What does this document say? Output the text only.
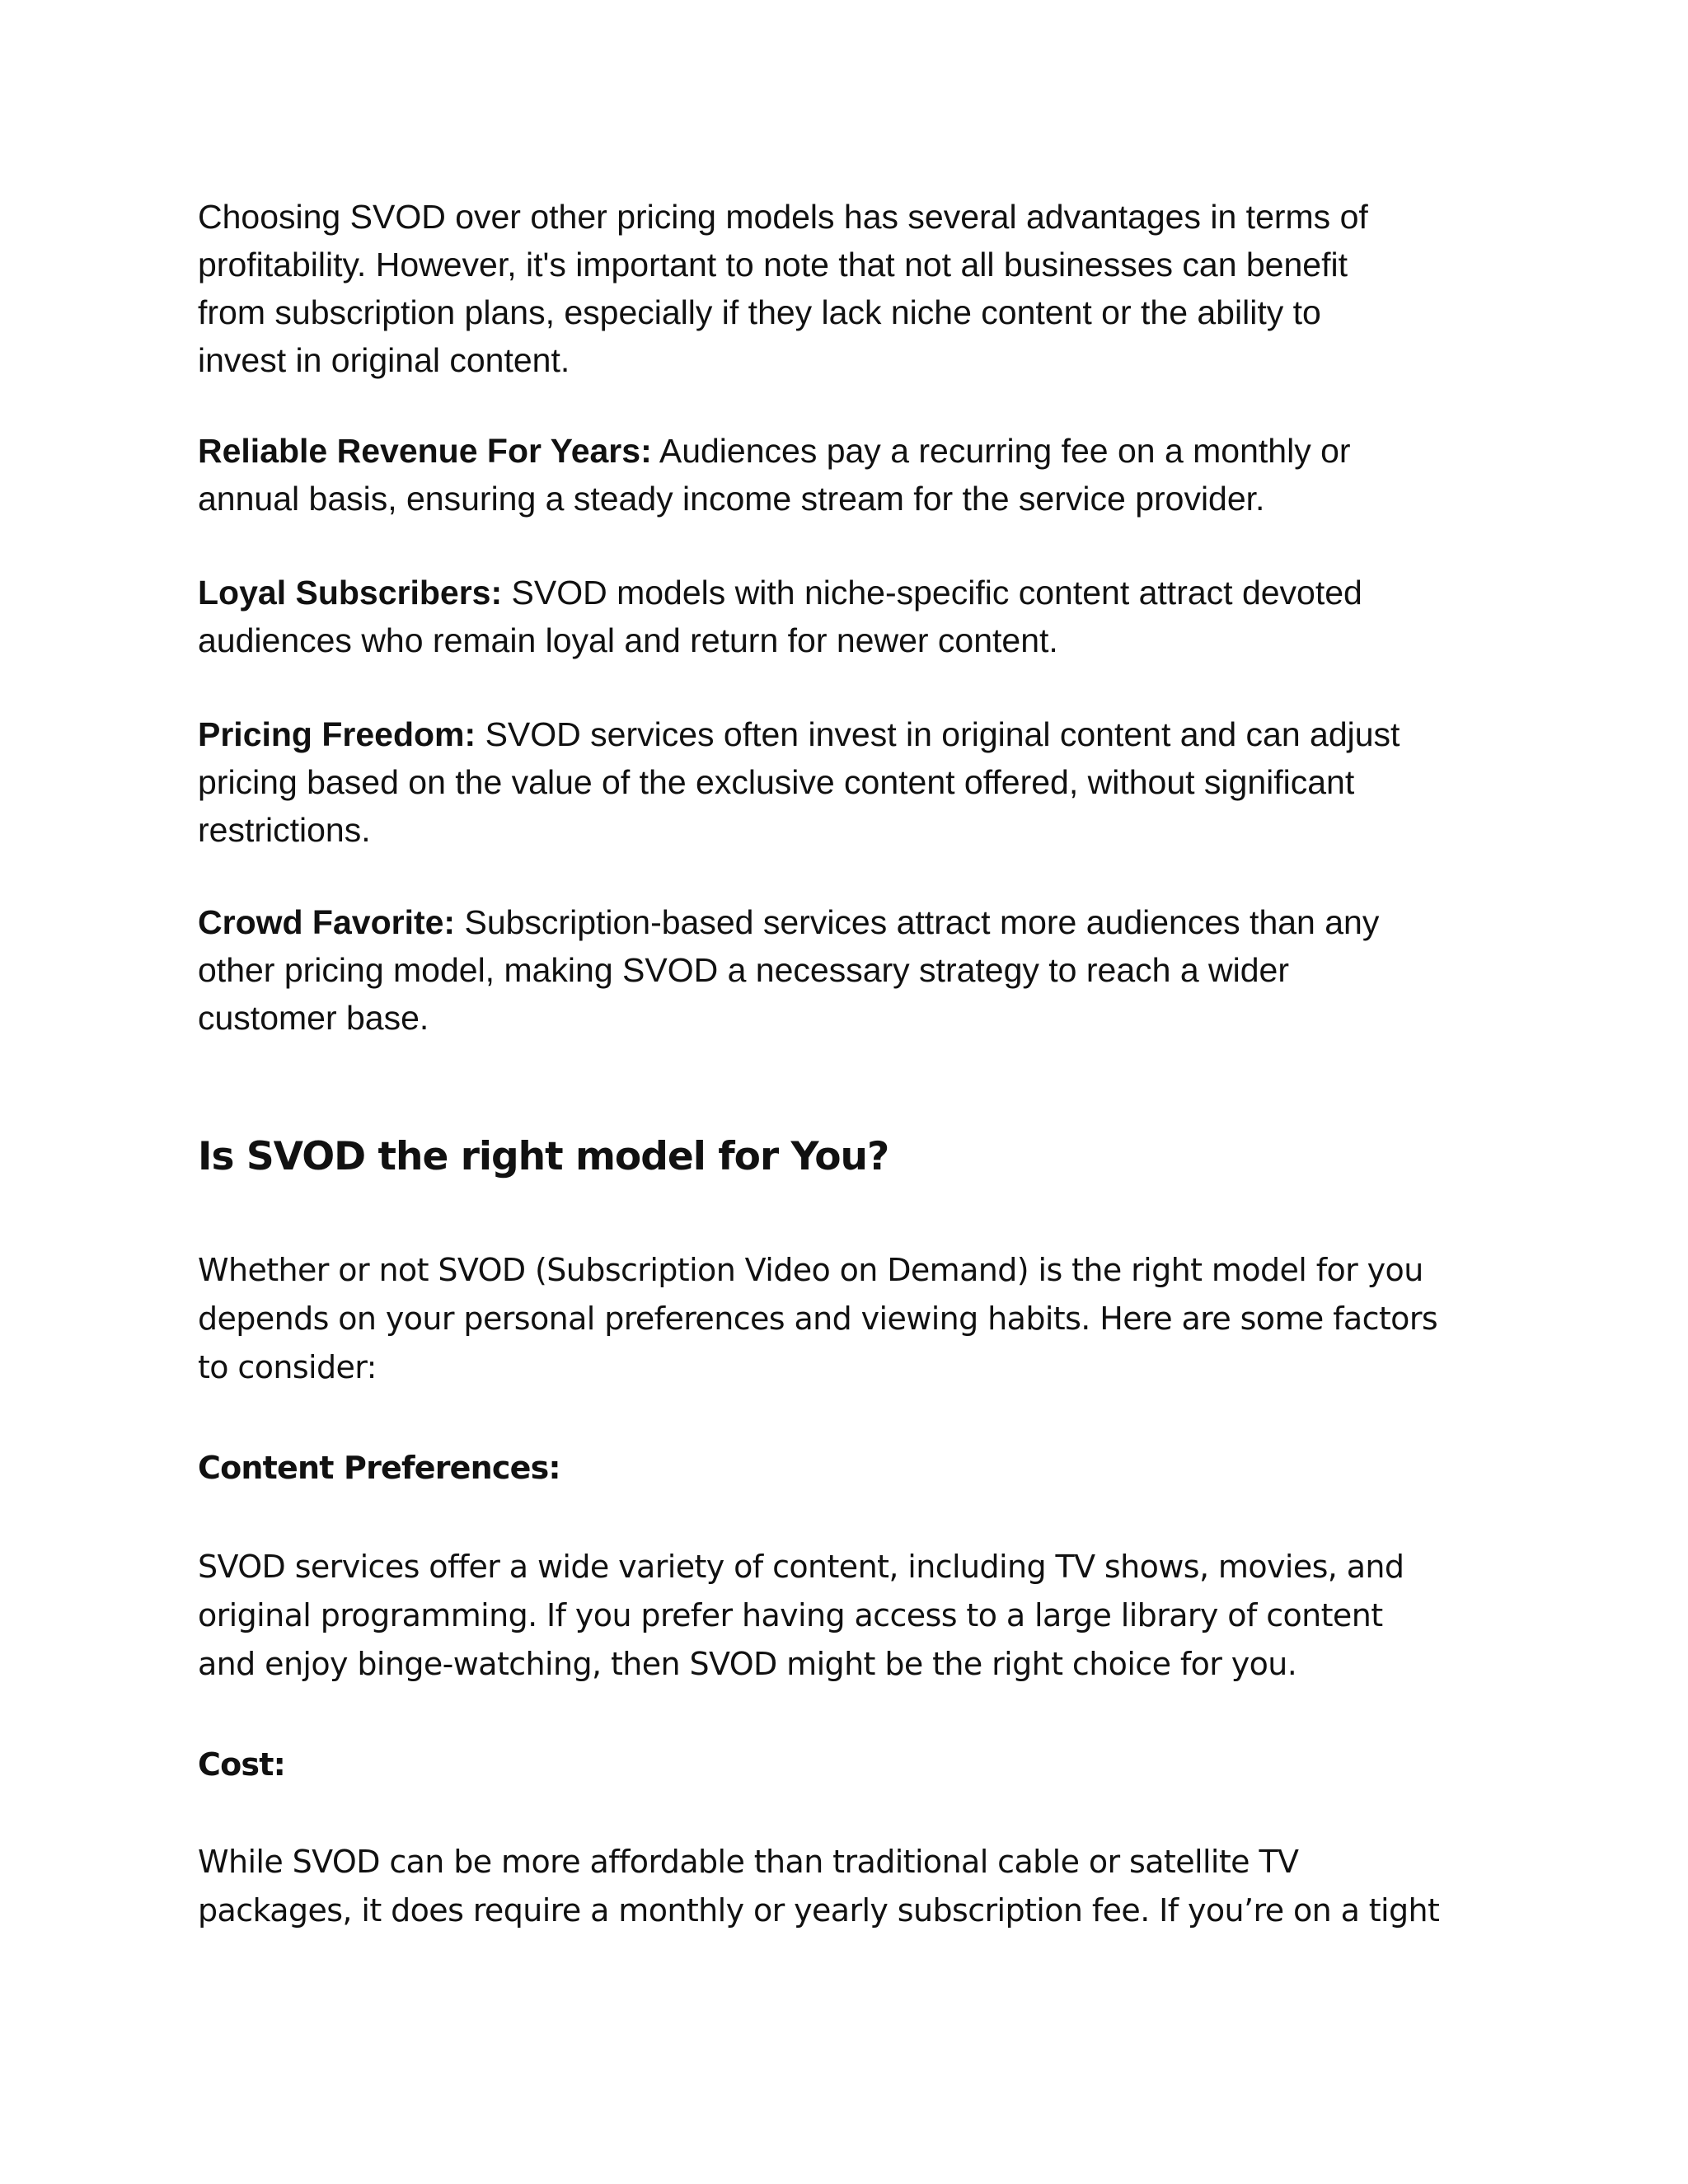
Choosing SVOD over other pricing models has several advantages in terms of
profitability. However, it's important to note that not all businesses can benefit
from subscription plans, especially if they lack niche content or the ability to
invest in original content.

Reliable Revenue For Years: Audiences pay a recurring fee on a monthly or
annual basis, ensuring a steady income stream for the service provider.

Loyal Subscribers: SVOD models with niche-specific content attract devoted
audiences who remain loyal and return for newer content.

Pricing Freedom: SVOD services often invest in original content and can adjust
pricing based on the value of the exclusive content offered, without significant
restrictions.

Crowd Favorite: Subscription-based services attract more audiences than any
other pricing model, making SVOD a necessary strategy to reach a wider
customer base.

Is SVOD the right model for You?

Whether or not SVOD (Subscription Video on Demand) is the right model for you
depends on your personal preferences and viewing habits. Here are some factors
to consider:

Content Preferences:

SVOD services offer a wide variety of content, including TV shows, movies, and
original programming. If you prefer having access to a large library of content
and enjoy binge-watching, then SVOD might be the right choice for you.

Cost:

While SVOD can be more affordable than traditional cable or satellite TV
packages, it does require a monthly or yearly subscription fee. If you’re on a tight
